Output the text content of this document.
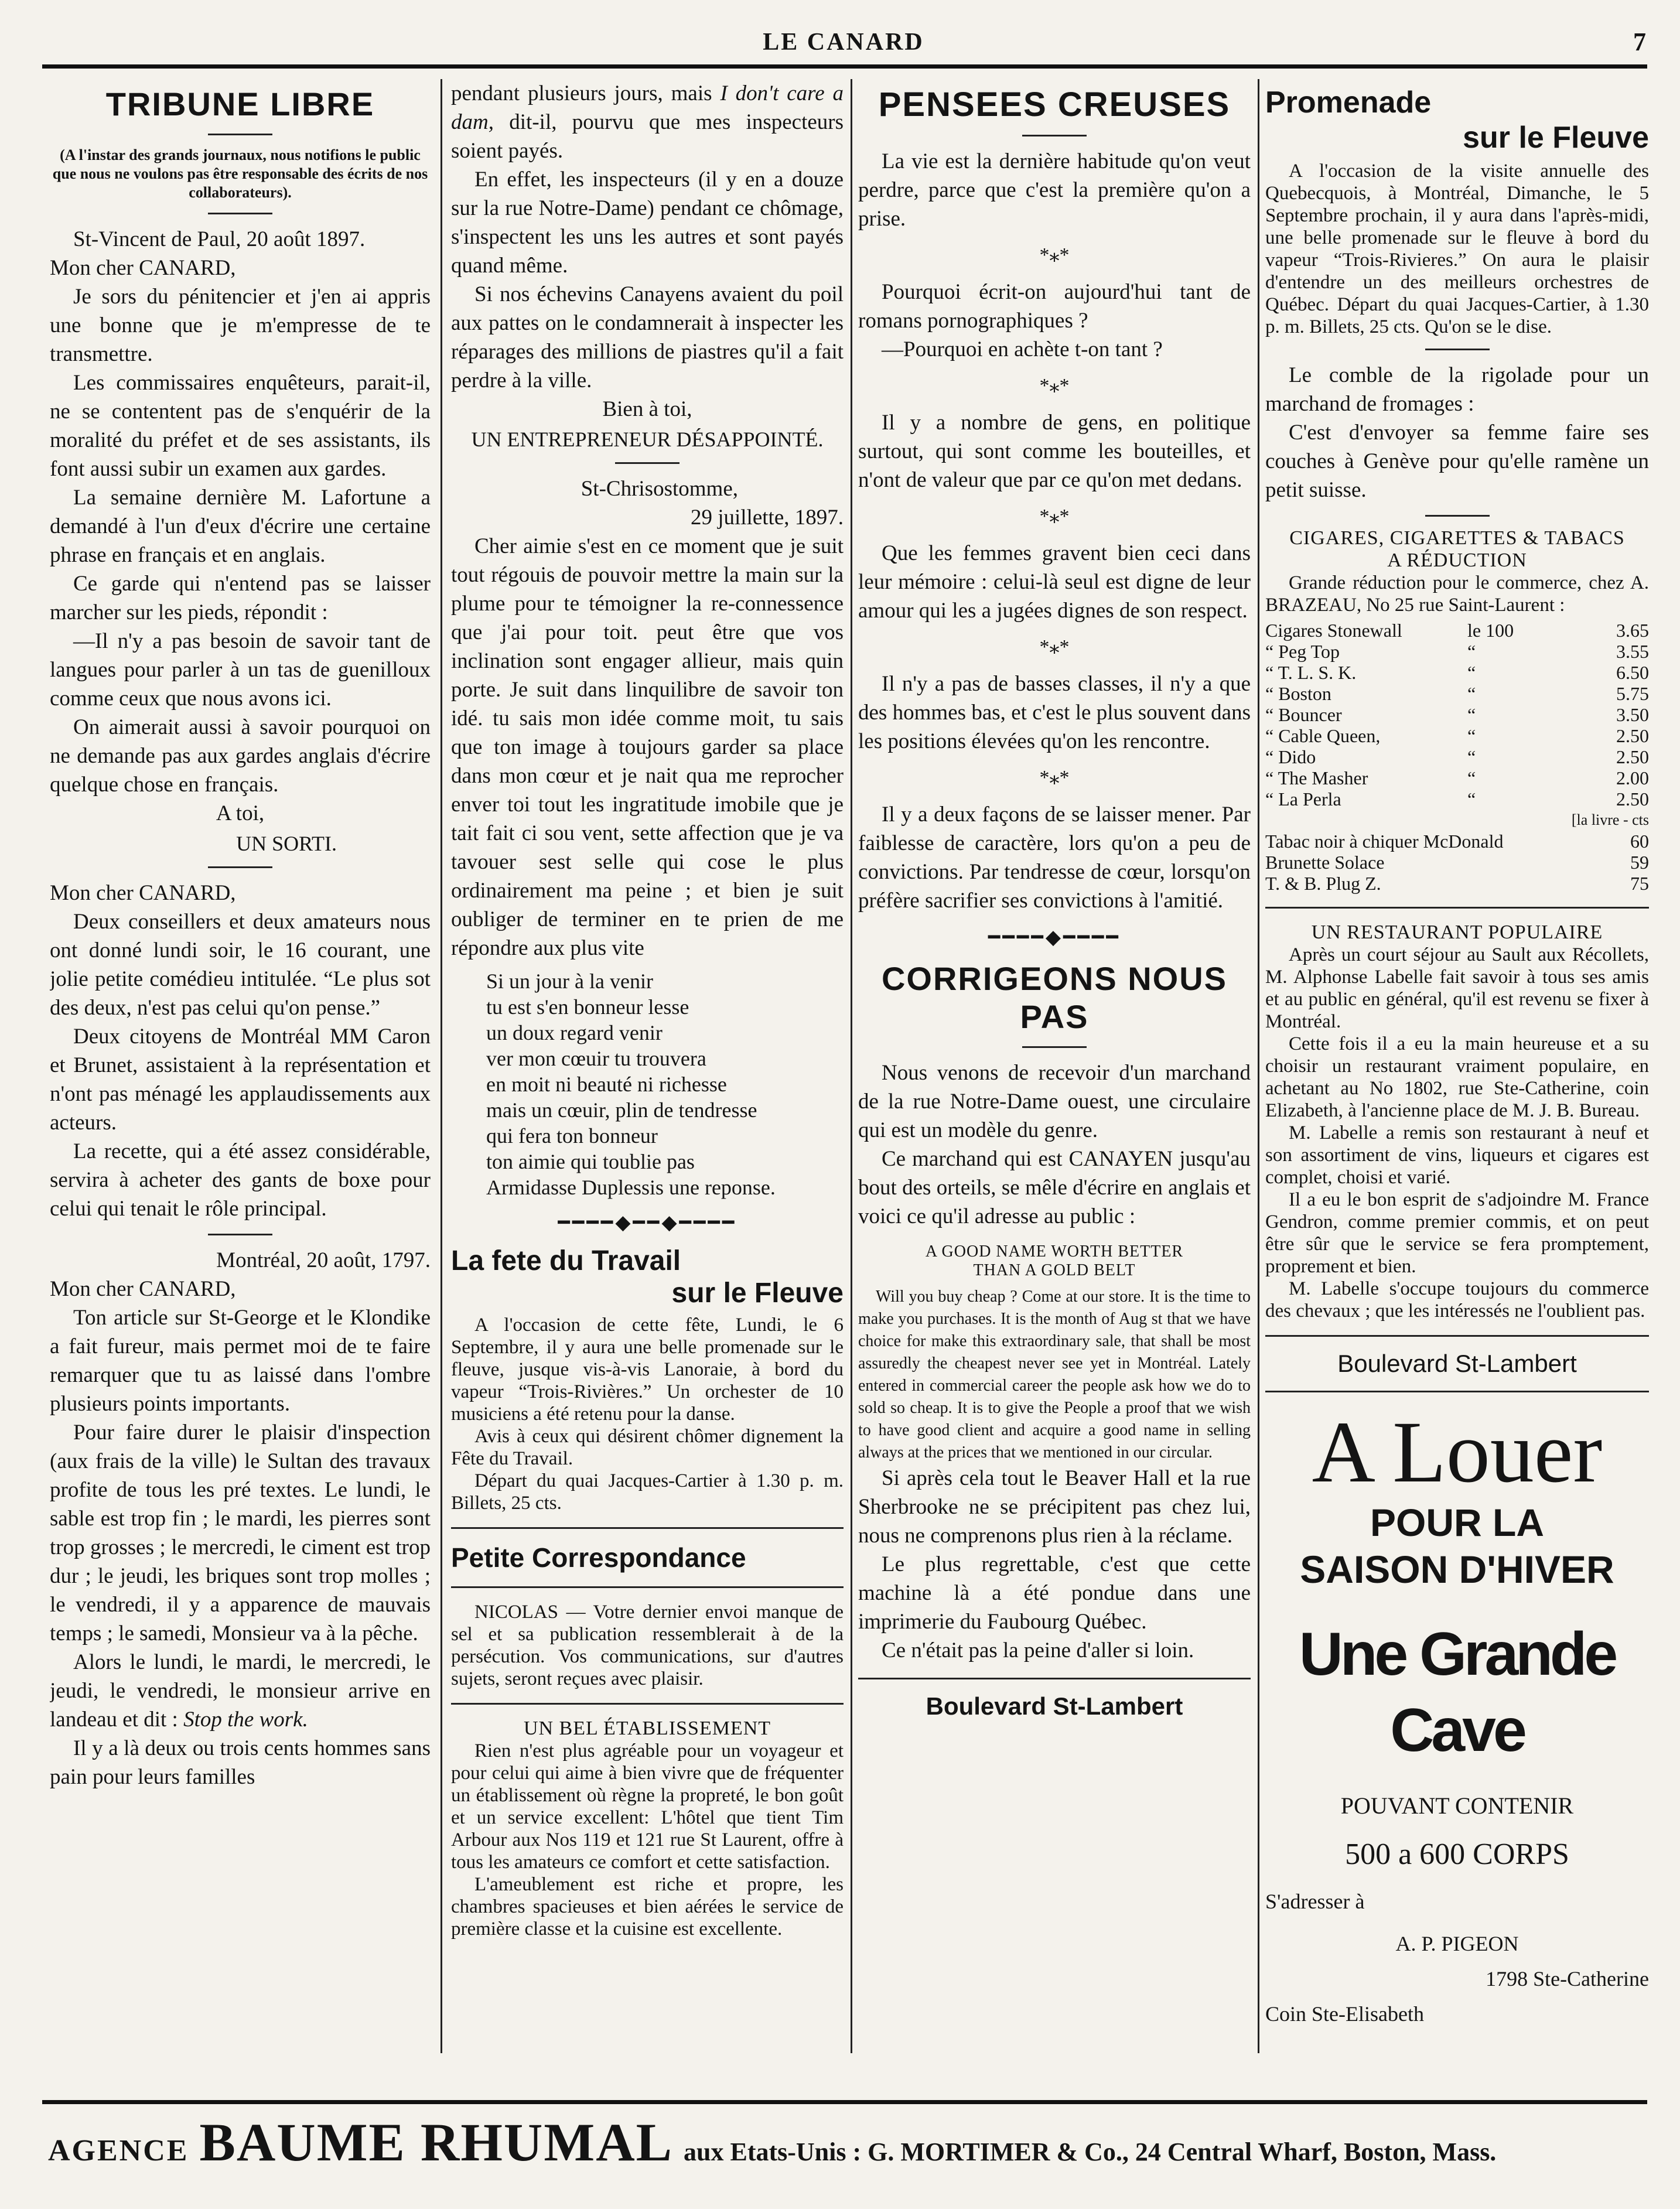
LE CANARD	7
TRIBUNE LIBRE

(A l'instar des grands journaux, nous notifions le public que nous ne voulons pas être responsable des écrits de nos collaborateurs).

St-Vincent de Paul, 20 août 1897.

Mon cher CANARD,

Je sors du pénitencier et j'en ai appris une bonne que je m'empresse de te transmettre.

Les commissaires enquêteurs, parait-il, ne se contentent pas de s'enquérir de la moralité du préfet et de ses assistants, ils font aussi subir un examen aux gardes.

La semaine dernière M. Lafortune a demandé à l'un d'eux d'écrire une certaine phrase en français et en anglais.

Ce garde qui n'entend pas se laisser marcher sur les pieds, répondit :

—Il n'y a pas besoin de savoir tant de langues pour parler à un tas de guenilloux comme ceux que nous avons ici.

On aimerait aussi à savoir pourquoi on ne demande pas aux gardes anglais d'écrire quelque chose en français.

A toi,

UN SORTI.

Mon cher CANARD,

Deux conseillers et deux amateurs nous ont donné lundi soir, le 16 courant, une jolie petite comédieu intitulée. “Le plus sot des deux, n'est pas celui qu'on pense.”

Deux citoyens de Montréal MM Caron et Brunet, assistaient à la représentation et n'ont pas ménagé les applaudissements aux acteurs.

La recette, qui a été assez considérable, servira à acheter des gants de boxe pour celui qui tenait le rôle principal.

Montréal, 20 août, 1797.

Mon cher CANARD,

Ton article sur St-George et le Klondike a fait fureur, mais permet moi de te faire remarquer que tu as laissé dans l'ombre plusieurs points importants.

Pour faire durer le plaisir d'inspection (aux frais de la ville) le Sultan des travaux profite de tous les pré textes. Le lundi, le sable est trop fin ; le mardi, les pierres sont trop grosses ; le mercredi, le ciment est trop dur ; le jeudi, les briques sont trop molles ; le vendredi, il y a apparence de mauvais temps ; le samedi, Monsieur va à la pêche.

Alors le lundi, le mardi, le mercredi, le jeudi, le vendredi, le monsieur arrive en landeau et dit : Stop the work.

Il y a là deux ou trois cents hommes sans pain pour leurs familles

pendant plusieurs jours, mais I don't care a dam, dit-il, pourvu que mes inspecteurs soient payés.

En effet, les inspecteurs (il y en a douze sur la rue Notre-Dame) pendant ce chômage, s'inspectent les uns les autres et sont payés quand même.

Si nos échevins Canayens avaient du poil aux pattes on le condamnerait à inspecter les réparages des millions de piastres qu'il a fait perdre à la ville.

Bien à toi,

UN ENTREPRENEUR DÉSAPPOINTÉ.

St-Chrisostomme,

29 juillette, 1897.

Cher aimie s'est en ce moment que je suit tout régouis de pouvoir mettre la main sur la plume pour te témoigner la re-connessence que j'ai pour toit. peut être que vos inclination sont engager allieur, mais quin porte. Je suit dans linquilibre de savoir ton idé. tu sais mon idée comme moit, tu sais que ton image à toujours garder sa place dans mon cœur et je nait qua me reprocher enver toi tout les ingratitude imobile que je tait fait ci sou vent, sette affection que je va tavouer sest selle qui cose le plus ordinairement ma peine ; et bien je suit oubliger de terminer en te prien de me répondre aux plus vite

Si un jour à la venir
tu est s'en bonneur lesse
un doux regard venir
ver mon cœuir tu trouvera
en moit ni beauté ni richesse
mais un cœuir, plin de tendresse
qui fera ton bonneur
ton aimie qui toublie pas
Armidasse Duplessis une reponse.
━━━━◆━━◆━━━━
La fete du Travail
sur le Fleuve

A l'occasion de cette fête, Lundi, le 6 Septembre, il y aura une belle promenade sur le fleuve, jusque vis-à-vis Lanoraie, à bord du vapeur “Trois-Rivières.” Un orchester de 10 musiciens a été retenu pour la danse.

Avis à ceux qui désirent chômer dignement la Fête du Travail.

Départ du quai Jacques-Cartier à 1.30 p. m. Billets, 25 cts.

Petite Correspondance

NICOLAS — Votre dernier envoi manque de sel et sa publication ressemblerait à de la persécution. Vos communications, sur d'autres sujets, seront reçues avec plaisir.

UN BEL ÉTABLISSEMENT

Rien n'est plus agréable pour un voyageur et pour celui qui aime à bien vivre que de fréquenter un établissement où règne la propreté, le bon goût et un service excellent: L'hôtel que tient Tim Arbour aux Nos 119 et 121 rue St Laurent, offre à tous les amateurs ce comfort et cette satisfaction.

L'ameublement est riche et propre, les chambres spacieuses et bien aérées le service de première classe et la cuisine est excellente.

PENSEES CREUSES

La vie est la dernière habitude qu'on veut perdre, parce que c'est la première qu'on a prise.

*⁎*

Pourquoi écrit-on aujourd'hui tant de romans pornographiques ?

—Pourquoi en achète t-on tant ?

*⁎*

Il y a nombre de gens, en politique surtout, qui sont comme les bouteilles, et n'ont de valeur que par ce qu'on met dedans.

*⁎*

Que les femmes gravent bien ceci dans leur mémoire : celui-là seul est digne de leur amour qui les a jugées dignes de son respect.

*⁎*

Il n'y a pas de basses classes, il n'y a que des hommes bas, et c'est le plus souvent dans les positions élevées qu'on les rencontre.

*⁎*

Il y a deux façons de se laisser mener. Par faiblesse de caractère, lors qu'on a peu de convictions. Par tendresse de cœur, lorsqu'on préfère sacrifier ses convictions à l'amitié.

━━━━◆━━━━
CORRIGEONS NOUS PAS

Nous venons de recevoir d'un marchand de la rue Notre-Dame ouest, une circulaire qui est un modèle du genre.

Ce marchand qui est CANAYEN jusqu'au bout des orteils, se mêle d'écrire en anglais et voici ce qu'il adresse au public :

A GOOD NAME WORTH BETTER
THAN A GOLD BELT

Will you buy cheap ? Come at our store. It is the time to make you purchases. It is the month of Aug st that we have choice for make this extraordinary sale, that shall be most assuredly the cheapest never see yet in Montréal. Lately entered in commercial career the people ask how we do to sold so cheap. It is to give the People a proof that we wish to have good client and acquire a good name in selling always at the prices that we mentioned in our circular.

Si après cela tout le Beaver Hall et la rue Sherbrooke ne se précipitent pas chez lui, nous ne comprenons plus rien à la réclame.

Le plus regrettable, c'est que cette machine là a été pondue dans une imprimerie du Faubourg Québec.

Ce n'était pas la peine d'aller si loin.

Boulevard St-Lambert
Promenade
sur le Fleuve

A l'occasion de la visite annuelle des Quebecquois, à Montréal, Dimanche, le 5 Septembre prochain, il y aura dans l'après-midi, une belle promenade sur le fleuve à bord du vapeur “Trois-Rivieres.” On aura le plaisir d'entendre un des meilleurs orchestres de Québec. Départ du quai Jacques-Cartier, à 1.30 p. m. Billets, 25 cts. Qu'on se le dise.

Le comble de la rigolade pour un marchand de fromages :

C'est d'envoyer sa femme faire ses couches à Genève pour qu'elle ramène un petit suisse.

CIGARES, CIGARETTES & TABACS
A RÉDUCTION

Grande réduction pour le commerce, chez A. BRAZEAU, No 25 rue Saint-Laurent :

Cigares Stonewall	le 100	3.65
“ Peg Top	“	3.55
“ T. L. S. K.	“	6.50
“ Boston	“	5.75
“ Bouncer	“	3.50
“ Cable Queen,	“	2.50
“ Dido	“	2.50
“ The Masher	“	2.00
“ La Perla	“	2.50
[la livre - cts
Tabac noir à chiquer McDonald	60
Brunette Solace	59
T. & B. Plug Z.	75
UN RESTAURANT POPULAIRE

Après un court séjour au Sault aux Récollets, M. Alphonse Labelle fait savoir à tous ses amis et au public en général, qu'il est revenu se fixer à Montréal.

Cette fois il a eu la main heureuse et a su choisir un restaurant vraiment populaire, en achetant au No 1802, rue Ste-Catherine, coin Elizabeth, à l'ancienne place de M. J. B. Bureau.

M. Labelle a remis son restaurant à neuf et son assortiment de vins, liqueurs et cigares est complet, choisi et varié.

Il a eu le bon esprit de s'adjoindre M. France Gendron, comme premier commis, et on peut être sûr que le service se fera promptement, proprement et bien.

M. Labelle s'occupe toujours du commerce des chevaux ; que les intéressés ne l'oublient pas.

Boulevard St-Lambert
A Louer
POUR LA
SAISON D'HIVER
Une Grande Cave
POUVANT CONTENIR
500 a 600 CORPS
S'adresser à
A. P. PIGEON
1798 Ste-Catherine
Coin Ste-Elisabeth
AGENCE BAUME RHUMAL aux Etats-Unis : G. MORTIMER & Co., 24 Central Wharf, Boston, Mass.
